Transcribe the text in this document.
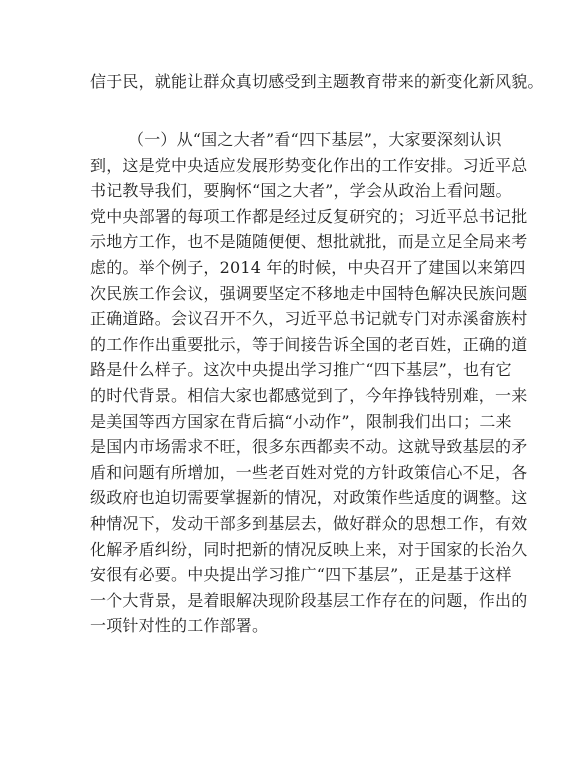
信于民，就能让群众真切感受到主题教育带来的新变化新风貌。
（一）从“国之大者”看“四下基层”，大家要深刻认识
到，这是党中央适应发展形势变化作出的工作安排。习近平总
书记教导我们，要胸怀“国之大者”，学会从政治上看问题。
党中央部署的每项工作都是经过反复研究的；习近平总书记批
示地方工作，也不是随随便便、想批就批，而是立足全局来考
虑的。举个例子，2014 年的时候，中央召开了建国以来第四
次民族工作会议，强调要坚定不移地走中国特色解决民族问题
正确道路。会议召开不久，习近平总书记就专门对赤溪畲族村
的工作作出重要批示，等于间接告诉全国的老百姓，正确的道
路是什么样子。这次中央提出学习推广“四下基层”，也有它
的时代背景。相信大家也都感觉到了，今年挣钱特别难，一来
是美国等西方国家在背后搞“小动作”，限制我们出口；二来
是国内市场需求不旺，很多东西都卖不动。这就导致基层的矛
盾和问题有所增加，一些老百姓对党的方针政策信心不足，各
级政府也迫切需要掌握新的情况，对政策作些适度的调整。这
种情况下，发动干部多到基层去，做好群众的思想工作，有效
化解矛盾纠纷，同时把新的情况反映上来，对于国家的长治久
安很有必要。中央提出学习推广“四下基层”，正是基于这样
一个大背景，是着眼解决现阶段基层工作存在的问题，作出的
一项针对性的工作部署。
